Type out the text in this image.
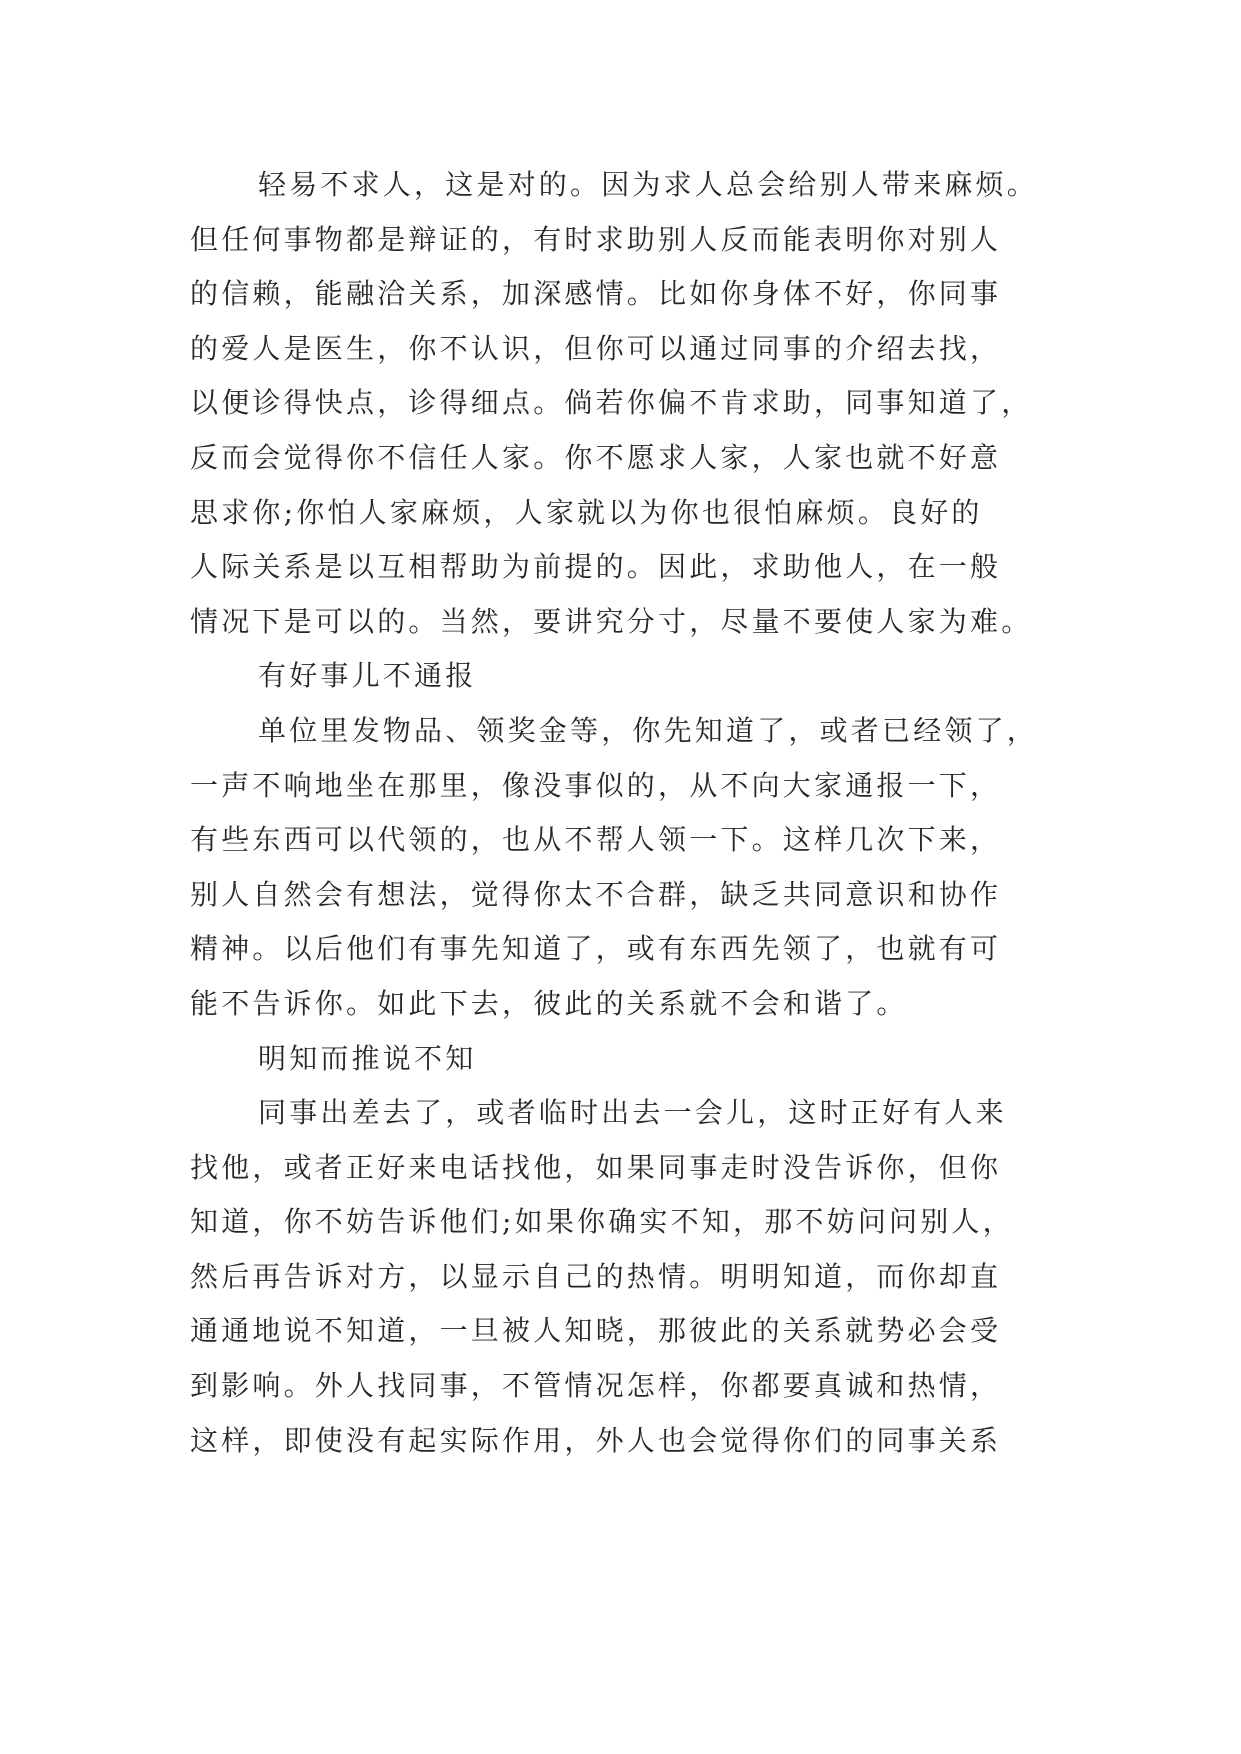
轻易不求人，这是对的。因为求人总会给别人带来麻烦。
但任何事物都是辩证的，有时求助别人反而能表明你对别人
的信赖，能融洽关系，加深感情。比如你身体不好，你同事
的爱人是医生，你不认识，但你可以通过同事的介绍去找，
以便诊得快点，诊得细点。倘若你偏不肯求助，同事知道了，
反而会觉得你不信任人家。你不愿求人家，人家也就不好意
思求你;你怕人家麻烦，人家就以为你也很怕麻烦。良好的
人际关系是以互相帮助为前提的。因此，求助他人，在一般
情况下是可以的。当然，要讲究分寸，尽量不要使人家为难。
有好事儿不通报
单位里发物品、领奖金等，你先知道了，或者已经领了，
一声不响地坐在那里，像没事似的，从不向大家通报一下，
有些东西可以代领的，也从不帮人领一下。这样几次下来，
别人自然会有想法，觉得你太不合群，缺乏共同意识和协作
精神。以后他们有事先知道了，或有东西先领了，也就有可
能不告诉你。如此下去，彼此的关系就不会和谐了。
明知而推说不知
同事出差去了，或者临时出去一会儿，这时正好有人来
找他，或者正好来电话找他，如果同事走时没告诉你，但你
知道，你不妨告诉他们;如果你确实不知，那不妨问问别人，
然后再告诉对方，以显示自己的热情。明明知道，而你却直
通通地说不知道，一旦被人知晓，那彼此的关系就势必会受
到影响。外人找同事，不管情况怎样，你都要真诚和热情，
这样，即使没有起实际作用，外人也会觉得你们的同事关系
